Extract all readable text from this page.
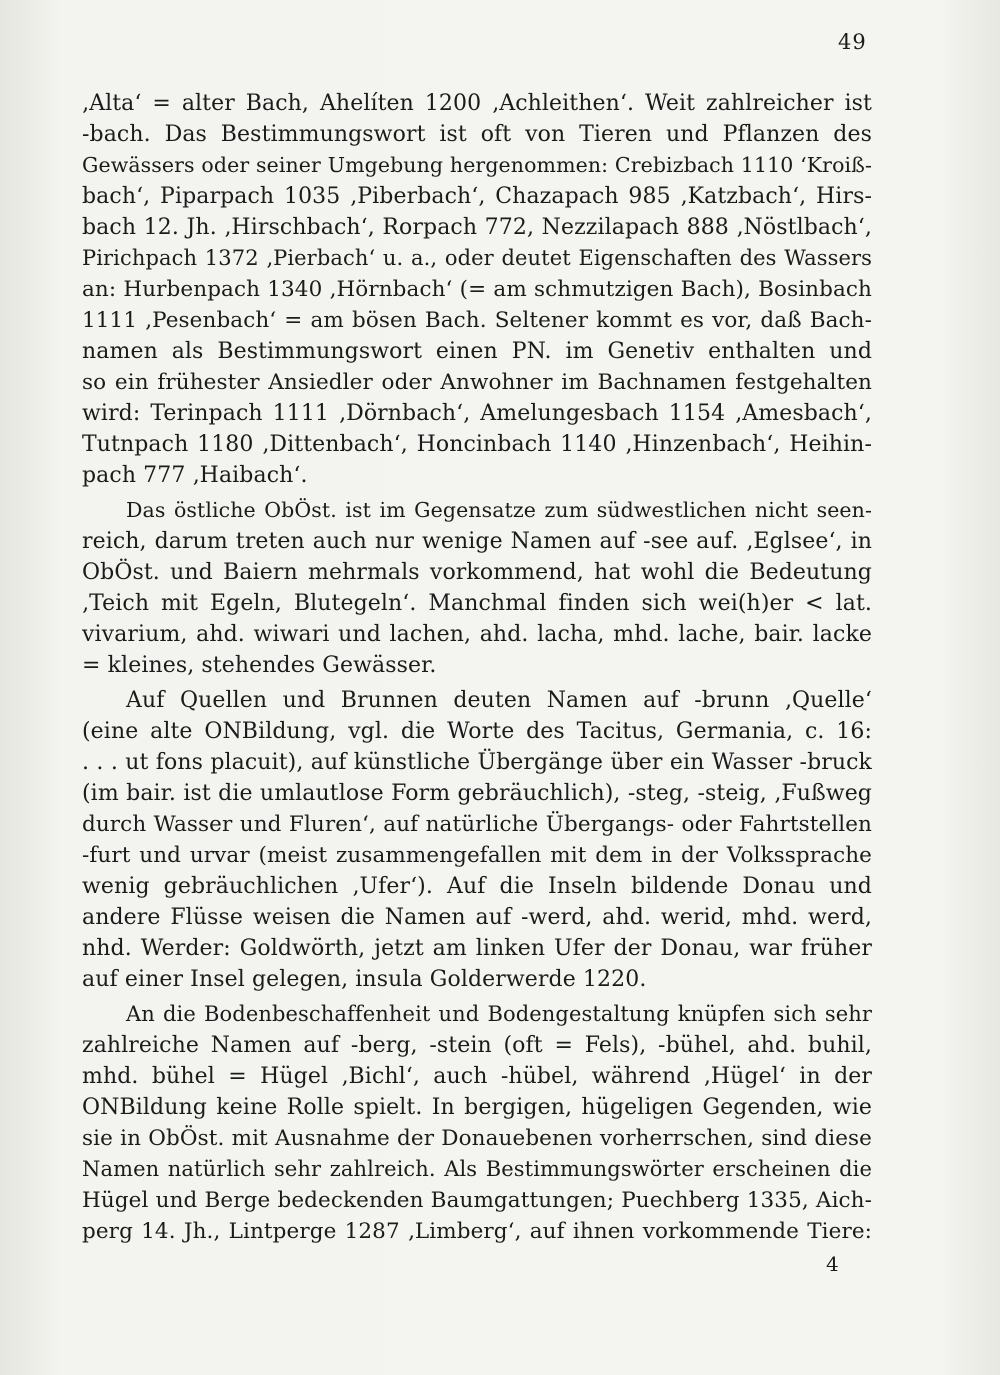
49
‚Alta‘ = alter Bach, Ahelíten 1200 ‚Achleithen‘. Weit zahlreicher ist
-bach. Das Bestimmungswort ist oft von Tieren und Pflanzen des
Gewässers oder seiner Umgebung hergenommen: Crebizbach 1110 ‘Kroiß-
bach‘, Piparpach 1035 ‚Piberbach‘, Chazapach 985 ‚Katzbach‘, Hirs-
bach 12. Jh. ‚Hirschbach‘, Rorpach 772, Nezzilapach 888 ‚Nöstlbach‘,
Pirichpach 1372 ‚Pierbach‘ u. a., oder deutet Eigenschaften des Wassers
an: Hurbenpach 1340 ‚Hörnbach‘ (= am schmutzigen Bach), Bosinbach
1111 ‚Pesenbach‘ = am bösen Bach. Seltener kommt es vor, daß Bach-
namen als Bestimmungswort einen PN. im Genetiv enthalten und
so ein frühester Ansiedler oder Anwohner im Bachnamen festgehalten
wird: Terinpach 1111 ‚Dörnbach‘, Amelungesbach 1154 ‚Amesbach‘,
Tutnpach 1180 ‚Dittenbach‘, Honcinbach 1140 ‚Hinzenbach‘, Heihin-
pach 777 ‚Haibach‘.
Das östliche ObÖst. ist im Gegensatze zum südwestlichen nicht seen-
reich, darum treten auch nur wenige Namen auf -see auf. ‚Eglsee‘, in
ObÖst. und Baiern mehrmals vorkommend, hat wohl die Bedeutung
‚Teich mit Egeln, Blutegeln‘. Manchmal finden sich wei(h)er < lat.
vivarium, ahd. wiwari und lachen, ahd. lacha, mhd. lache, bair. lacke
= kleines, stehendes Gewässer.
Auf Quellen und Brunnen deuten Namen auf -brunn ‚Quelle‘
(eine alte ONBildung, vgl. die Worte des Tacitus, Germania, c. 16:
. . . ut fons placuit), auf künstliche Übergänge über ein Wasser -bruck
(im bair. ist die umlautlose Form gebräuchlich), -steg, -steig, ‚Fußweg
durch Wasser und Fluren‘, auf natürliche Übergangs- oder Fahrtstellen
-furt und urvar (meist zusammengefallen mit dem in der Volkssprache
wenig gebräuchlichen ‚Ufer‘). Auf die Inseln bildende Donau und
andere Flüsse weisen die Namen auf -werd, ahd. werid, mhd. werd,
nhd. Werder: Goldwörth, jetzt am linken Ufer der Donau, war früher
auf einer Insel gelegen, insula Golderwerde 1220.
An die Bodenbeschaffenheit und Bodengestaltung knüpfen sich sehr
zahlreiche Namen auf -berg, -stein (oft = Fels), -bühel, ahd. buhil,
mhd. bühel = Hügel ‚Bichl‘, auch -hübel, während ‚Hügel‘ in der
ONBildung keine Rolle spielt. In bergigen, hügeligen Gegenden, wie
sie in ObÖst. mit Ausnahme der Donauebenen vorherrschen, sind diese
Namen natürlich sehr zahlreich. Als Bestimmungswörter erscheinen die
Hügel und Berge bedeckenden Baumgattungen; Puechberg 1335, Aich-
perg 14. Jh., Lintperge 1287 ‚Limberg‘, auf ihnen vorkommende Tiere:
4
